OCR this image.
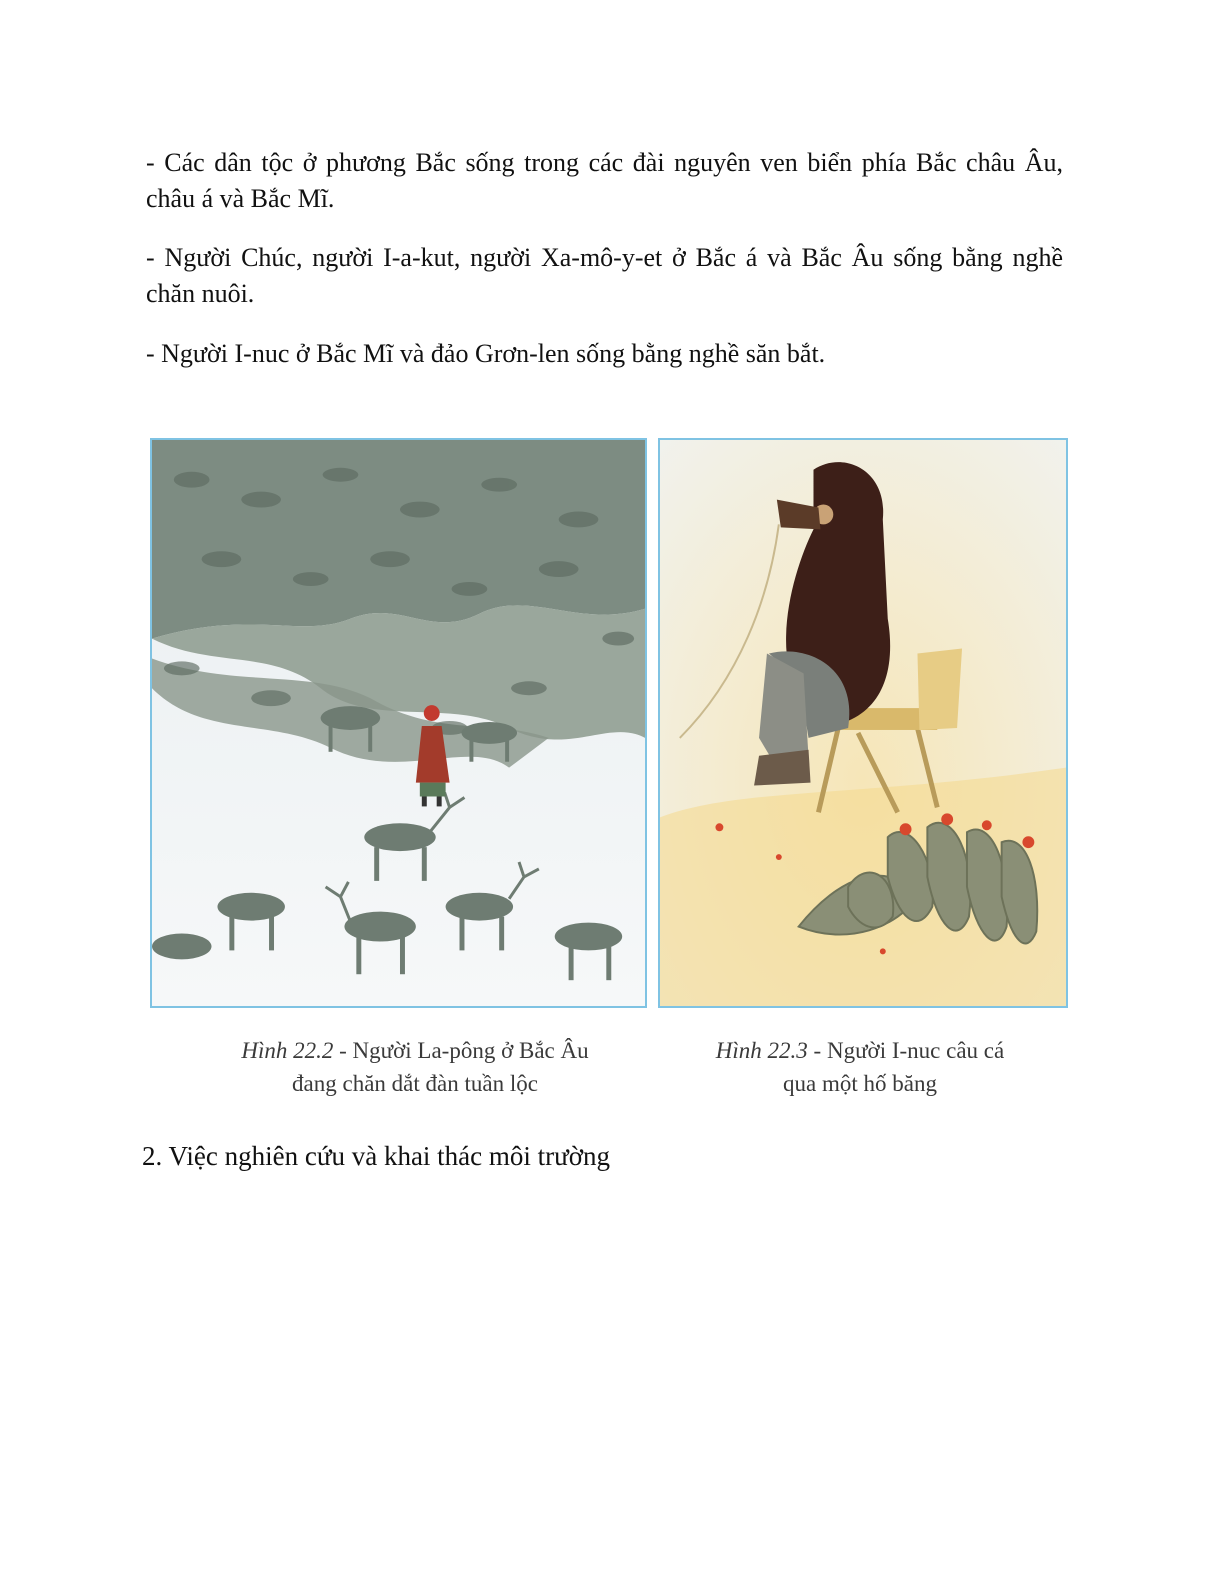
- Các dân tộc ở phương Bắc sống trong các đài nguyên ven biển phía Bắc châu Âu, châu á và Bắc Mĩ.

- Người Chúc, người I-a-kut, người Xa-mô-y-et ở Bắc á và Bắc Âu sống bằng nghề chăn nuôi.

- Người I-nuc ở Bắc Mĩ và đảo Grơn-len sống bằng nghề săn bắt.

Hình 22.2 - Người La-pông ở Bắc Âu
đang chăn dắt đàn tuần lộc
Hình 22.3 - Người I-nuc câu cá
qua một hố băng
2. Việc nghiên cứu và khai thác môi trường
